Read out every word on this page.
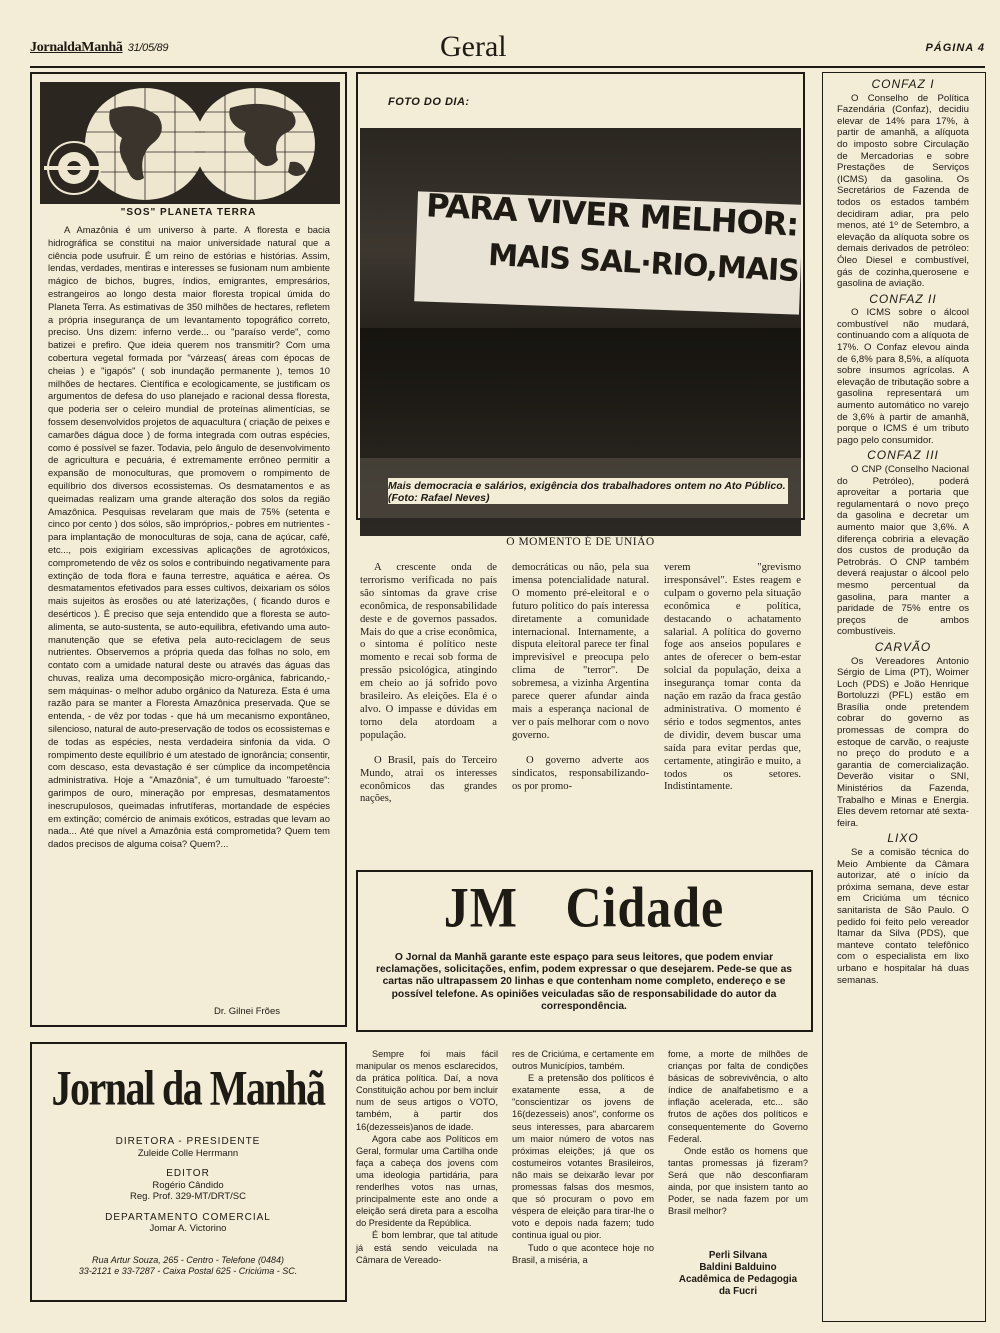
JornaldaManhã 31/05/89	Geral	PÁGINA 4
"SOS" PLANETA TERRA

A Amazônia é um universo à parte. A floresta e bacia hidrográfica se constitui na maior universidade natural que a ciência pode usufruir. É um reino de estórias e histórias. Assim, lendas, verdades, mentiras e interesses se fusionam num ambiente mágico de bichos, bugres, índios, emigrantes, empresários, estrangeiros ao longo desta maior floresta tropical úmida do Planeta Terra. As estimativas de 350 milhões de hectares, refletem a própria insegurança de um levantamento topográfico correto, preciso. Uns dizem: inferno verde... ou "paraíso verde", como batizei e prefiro. Que ideia querem nos transmitir? Com uma cobertura vegetal formada por "várzeas( áreas com épocas de cheias ) e "igapós" ( sob inundação permanente ), temos 10 milhões de hectares. Científica e ecologicamente, se justificam os argumentos de defesa do uso planejado e racional dessa floresta, que poderia ser o celeiro mundial de proteínas alimentícias, se fossem desenvolvidos projetos de aquacultura ( criação de peixes e camarões dágua doce ) de forma integrada com outras espécies, como é possível se fazer. Todavia, pelo ângulo de desenvolvimento de agricultura e pecuária, é extremamente errôneo permitir a expansão de monoculturas, que promovem o rompimento de equilíbrio dos diversos ecossistemas. Os desmatamentos e as queimadas realizam uma grande alteração dos solos da região Amazônica. Pesquisas revelaram que mais de 75% (setenta e cinco por cento ) dos sólos, são impróprios,- pobres em nutrientes - para implantação de monoculturas de soja, cana de açúcar, café, etc..., pois exigiriam excessivas aplicações de agrotóxicos, comprometendo de vêz os solos e contribuindo negativamente para extinção de toda flora e fauna terrestre, aquática e aérea. Os desmatamentos efetivados para esses cultivos, deixariam os sólos mais sujeitos às erosões ou até laterizações, ( ficando duros e desérticos ). É preciso que seja entendido que a floresta se auto-alimenta, se auto-sustenta, se auto-equilibra, efetivando uma auto-manutenção que se efetiva pela auto-reciclagem de seus nutrientes. Observemos a própria queda das folhas no solo, em contato com a umidade natural deste ou através das águas das chuvas, realiza uma decomposição micro-orgânica, fabricando,- sem máquinas- o melhor adubo orgânico da Natureza. Esta é uma razão para se manter a Floresta Amazônica preservada. Que se entenda, - de vêz por todas - que há um mecanismo expontâneo, silencioso, natural de auto-preservação de todos os ecossistemas e de todas as espécies, nesta verdadeira sinfonia da vida. O rompimento deste equilíbrio é um atestado de ignorância; consentir, com descaso, esta devastação é ser cúmplice da incompetência administrativa. Hoje a "Amazônia", é um tumultuado "faroeste": garimpos de ouro, mineração por empresas, desmatamentos inescrupulosos, queimadas infrutíferas, mortandade de espécies em extinção; comércio de animais exóticos, estradas que levam ao nada... Até que nível a Amazônia está comprometida? Quem tem dados precisos de alguma coisa? Quem?...

Dr. Gilnei Frões
Jornal da Manhã
DIRETORA - PRESIDENTE
Zuleide Colle Herrmann
EDITOR
Rogério Cândido
Reg. Prof. 329-MT/DRT/SC
DEPARTAMENTO COMERCIAL
Jomar A. Victorino
Rua Artur Souza, 265 - Centro - Telefone (0484)
33-2121 e 33-7287 - Caixa Postal 625 - Criciúma - SC.
FOTO DO DIA:
PARA VIVER MELHOR:
MAIS SAL·RIO,MAIS
Mais democracia e salários, exigência dos trabalhadores ontem no Ato Público. (Foto: Rafael Neves)
O MOMENTO É DE UNIÃO

A crescente onda de terrorismo verificada no país são sintomas da grave crise econômica, de responsabilidade deste e de governos passados. Mais do que a crise econômica, o sintoma é político neste momento e recai sob forma de pressão psicológica, atingindo em cheio ao já sofrido povo brasileiro. As eleições. Ela é o alvo. O impasse e dúvidas em torno dela atordoam a população.

O Brasil, país do Terceiro Mundo, atrai os interesses econômicos das grandes nações,

democráticas ou não, pela sua imensa potencialidade natural. O momento pré-eleitoral e o futuro político do país interessa diretamente a comunidade internacional. Internamente, a disputa eleitoral parece ter final imprevisível e preocupa pelo clima de "terror". De sobremesa, a vizinha Argentina parece querer afundar ainda mais a esperança nacional de ver o país melhorar com o novo governo.

O governo adverte aos sindicatos, responsabilizando-os por promo-

verem "grevismo irresponsável". Estes reagem e culpam o governo pela situação econômica e política, destacando o achatamento salarial. A política do governo foge aos anseios populares e antes de oferecer o bem-estar solcial da população, deixa a insegurança tomar conta da nação em razão da fraca gestão administrativa. O momento é sério e todos segmentos, antes de dividir, devem buscar uma saída para evitar perdas que, certamente, atingirão e muito, a todos os setores. Indistintamente.

JM Cidade
O Jornal da Manhã garante este espaço para seus leitores, que podem enviar reclamações, solicitações, enfim, podem expressar o que desejarem. Pede-se que as cartas não ultrapassem 20 linhas e que contenham nome completo, endereço e se possível telefone. As opiniões veiculadas são de responsabilidade do autor da correspondência.

Sempre foi mais fácil manipular os menos esclarecidos, da prática política. Daí, a nova Constituição achou por bem incluir num de seus artigos o VOTO, também, à partir dos 16(dezesseis)anos de idade.

Agora cabe aos Políticos em Geral, formular uma Cartilha onde faça a cabeça dos jovens com uma ideologia partidária, para renderlhes votos nas urnas, principalmente este ano onde a eleição será direta para a escolha do Presidente da República.

É bom lembrar, que tal atitude já está sendo veiculada na Câmara de Vereado-

res de Criciúma, e certamente em outros Municípios, também.

E a pretensão dos políticos é exatamente essa, a de "conscientizar os jovens de 16(dezesseis) anos", conforme os seus interesses, para abarcarem um maior número de votos nas próximas eleições; já que os costumeiros votantes Brasileiros, não mais se deixarão levar por promessas falsas dos mesmos, que só procuram o povo em véspera de eleição para tirar-lhe o voto e depois nada fazem; tudo continua igual ou pior.

Tudo o que acontece hoje no Brasil, a miséria, a

fome, a morte de milhões de crianças por falta de condições básicas de sobrevivência, o alto índice de analfabetismo e a inflação acelerada, etc... são frutos de ações dos políticos e consequentemente do Governo Federal.

Onde estão os homens que tantas promessas já fizeram? Será que não desconfiaram ainda, por que insistem tanto ao Poder, se nada fazem por um Brasil melhor?

Perli Silvana
Baldini Balduino
Acadêmica de Pedagogia
da Fucri
CONFAZ I

O Conselho de Política Fazendária (Confaz), decidiu elevar de 14% para 17%, à partir de amanhã, a alíquota do imposto sobre Circulação de Mercadorias e sobre Prestações de Serviços (ICMS) da gasolina. Os Secretários de Fazenda de todos os estados também decidiram adiar, pra pelo menos, até 1º de Setembro, a elevação da alíquota sobre os demais derivados de petróleo: Óleo Diesel e combustível, gás de cozinha,querosene e gasolina de aviação.

CONFAZ II

O ICMS sobre o álcool combustível não mudará, continuando com a alíquota de 17%. O Confaz elevou ainda de 6,8% para 8,5%, a alíquota sobre insumos agrícolas. A elevação de tributação sobre a gasolina representará um aumento automático no varejo de 3,6% à partir de amanhã, porque o ICMS é um tributo pago pelo consumidor.

CONFAZ III

O CNP (Conselho Nacional do Petróleo), poderá aproveitar a portaria que regulamentará o novo preço da gasolina e decretar um aumento maior que 3,6%. A diferença cobriria a elevação dos custos de produção da Petrobrás. O CNP também deverá reajustar o álcool pelo mesmo percentual da gasolina, para manter a paridade de 75% entre os preços de ambos combustíveis.

CARVÃO

Os Vereadores Antonio Sérgio de Lima (PT), Woimer Loch (PDS) e João Henrique Bortoluzzi (PFL) estão em Brasília onde pretendem cobrar do governo as promessas de compra do estoque de carvão, o reajuste no preço do produto e a garantia de comercialização. Deverão visitar o SNI, Ministérios da Fazenda, Trabalho e Minas e Energia. Eles devem retornar até sexta-feira.

LIXO

Se a comisão técnica do Meio Ambiente da Câmara autorizar, até o início da próxima semana, deve estar em Criciúma um técnico sanitarista de São Paulo. O pedido foi feito pelo vereador Itamar da Silva (PDS), que manteve contato telefônico com o especialista em lixo urbano e hospitalar há duas semanas.
